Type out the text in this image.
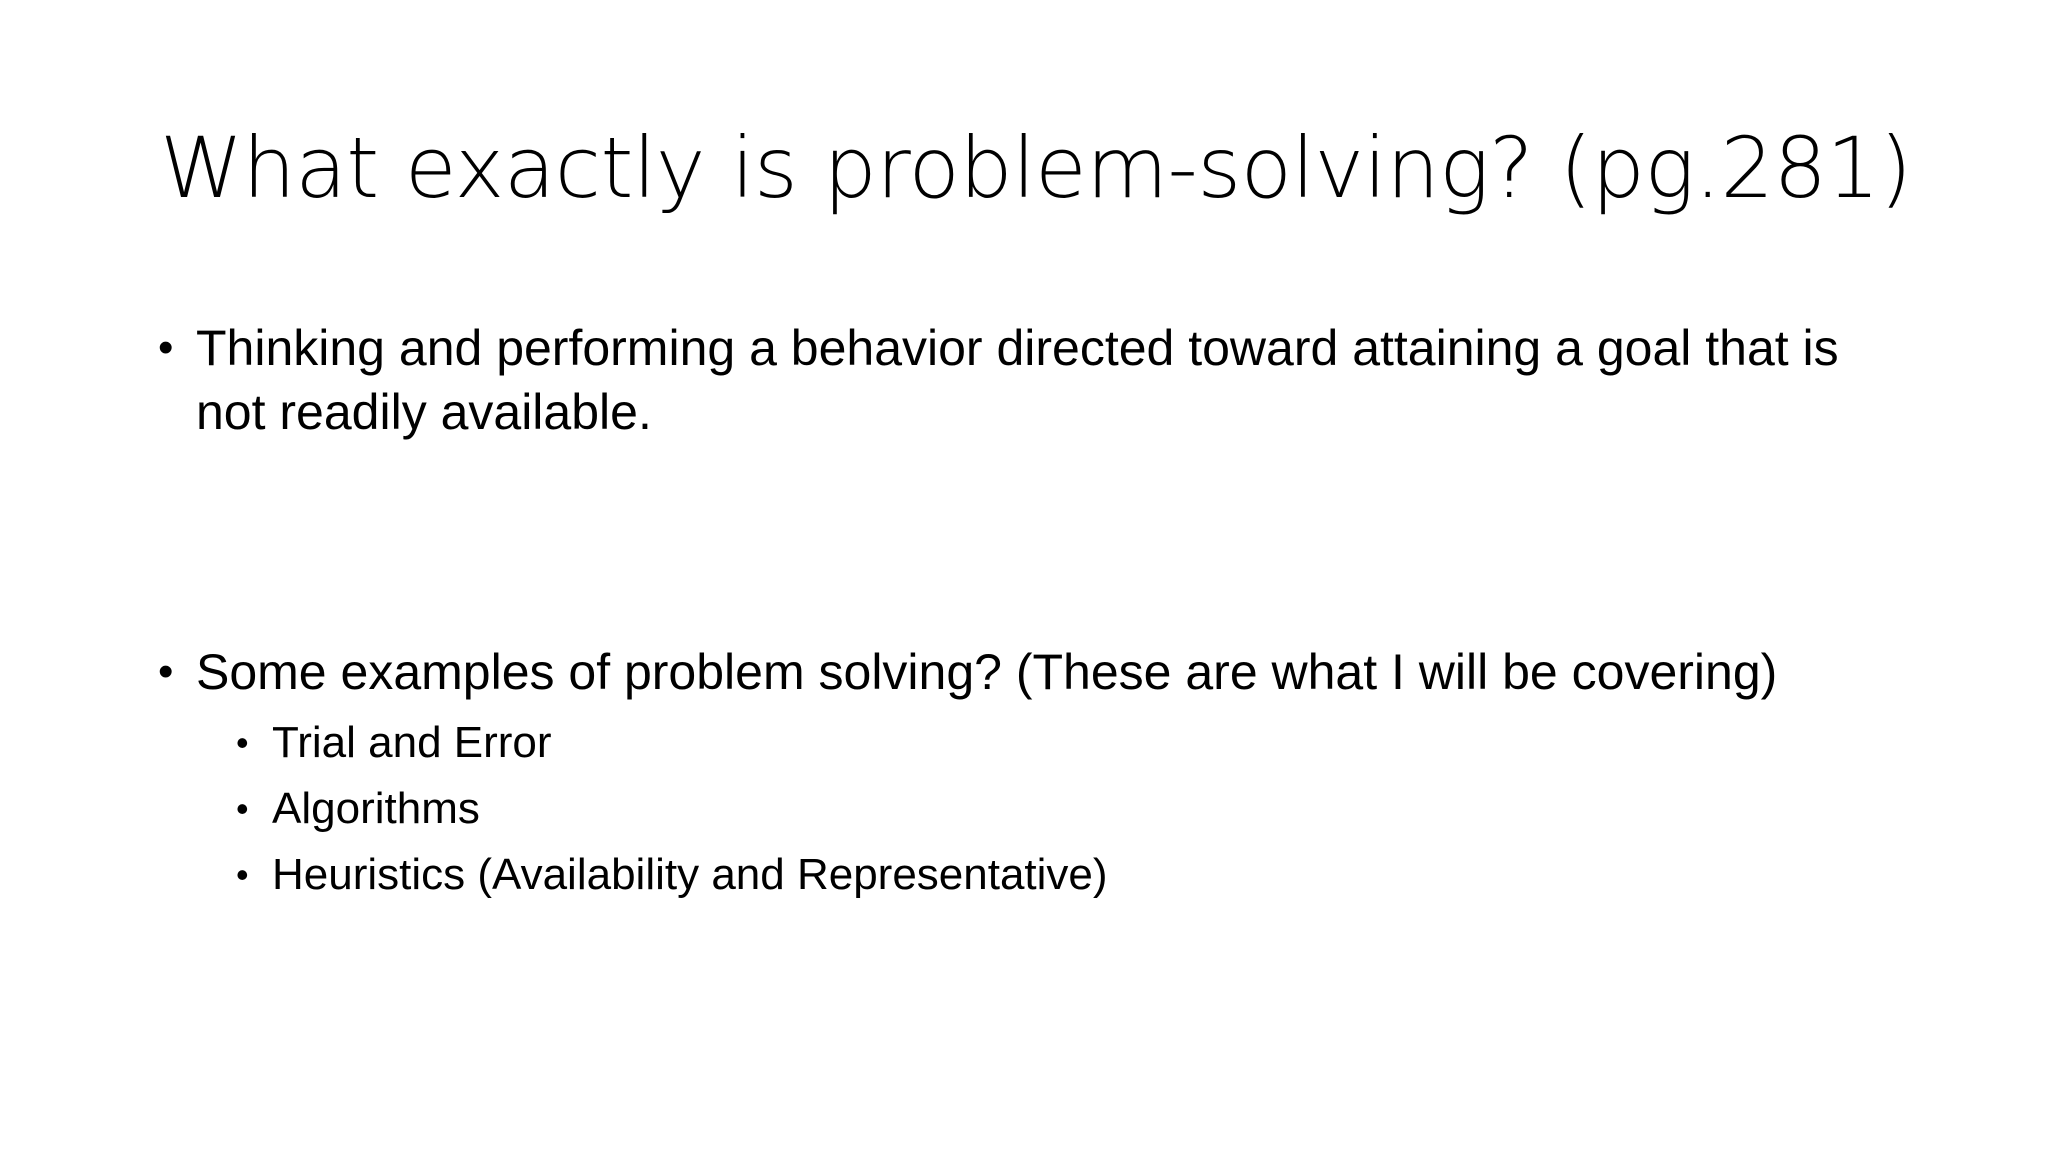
What exactly is problem-solving? (pg.281)
• Thinking and performing a behavior directed toward attaining a goal that is not readily available.
• Some examples of problem solving? (These are what I will be covering)
• Trial and Error
• Algorithms
• Heuristics (Availability and Representative)
